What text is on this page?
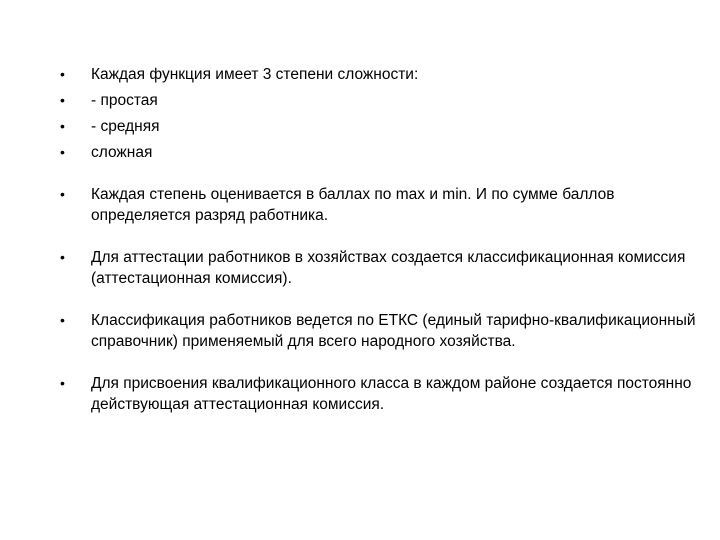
• Каждая функция имеет 3 степени сложности:
• - простая
• - средняя
• сложная
• Каждая степень оценивается в баллах по max и min. И по сумме баллов определяется разряд работника.
• Для аттестации работников в хозяйствах создается классификационная комиссия (аттестационная комиссия).
• Классификация работников ведется по ЕТКС (единый тарифно-квалификационный справочник) применяемый для всего народного хозяйства.
• Для присвоения квалификационного класса в каждом районе создается постоянно действующая аттестационная комиссия.
